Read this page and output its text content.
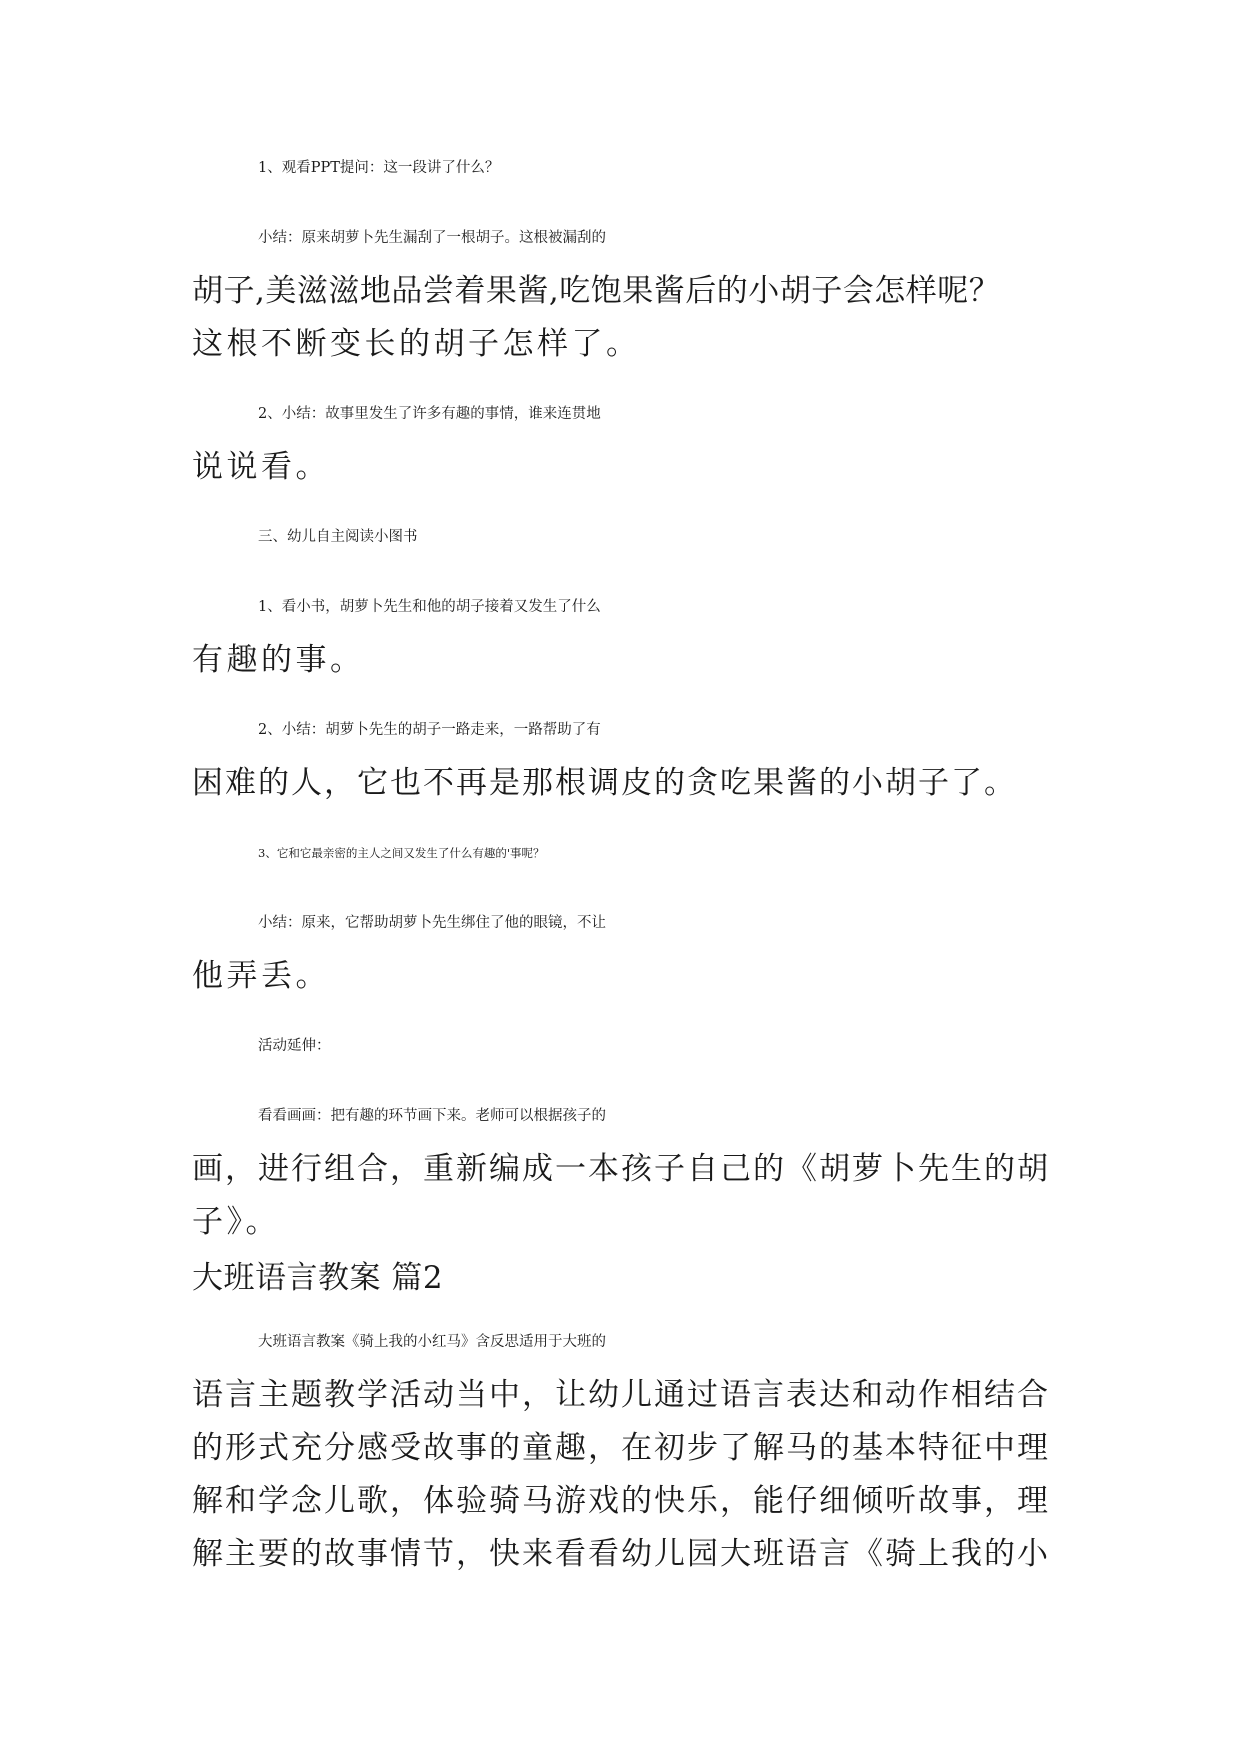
1、观看PPT提问：这一段讲了什么？
小结：原来胡萝卜先生漏刮了一根胡子。这根被漏刮的
胡子,美滋滋地品尝着果酱,吃饱果酱后的小胡子会怎样呢？
这根不断变长的胡子怎样了。
2、小结：故事里发生了许多有趣的事情，谁来连贯地
说说看。
三、幼儿自主阅读小图书
1、看小书，胡萝卜先生和他的胡子接着又发生了什么
有趣的事。
2、小结：胡萝卜先生的胡子一路走来，一路帮助了有
困难的人，它也不再是那根调皮的贪吃果酱的小胡子了。
3、它和它最亲密的主人之间又发生了什么有趣的'事呢？
小结：原来，它帮助胡萝卜先生绑住了他的眼镜，不让
他弄丢。
活动延伸：
看看画画：把有趣的环节画下来。老师可以根据孩子的
画，进行组合，重新编成一本孩子自己的《胡萝卜先生的胡
子》。
大班语言教案 篇2
大班语言教案《骑上我的小红马》含反思适用于大班的
语言主题教学活动当中，让幼儿通过语言表达和动作相结合
的形式充分感受故事的童趣，在初步了解马的基本特征中理
解和学念儿歌，体验骑马游戏的快乐，能仔细倾听故事，理
解主要的故事情节，快来看看幼儿园大班语言《骑上我的小
